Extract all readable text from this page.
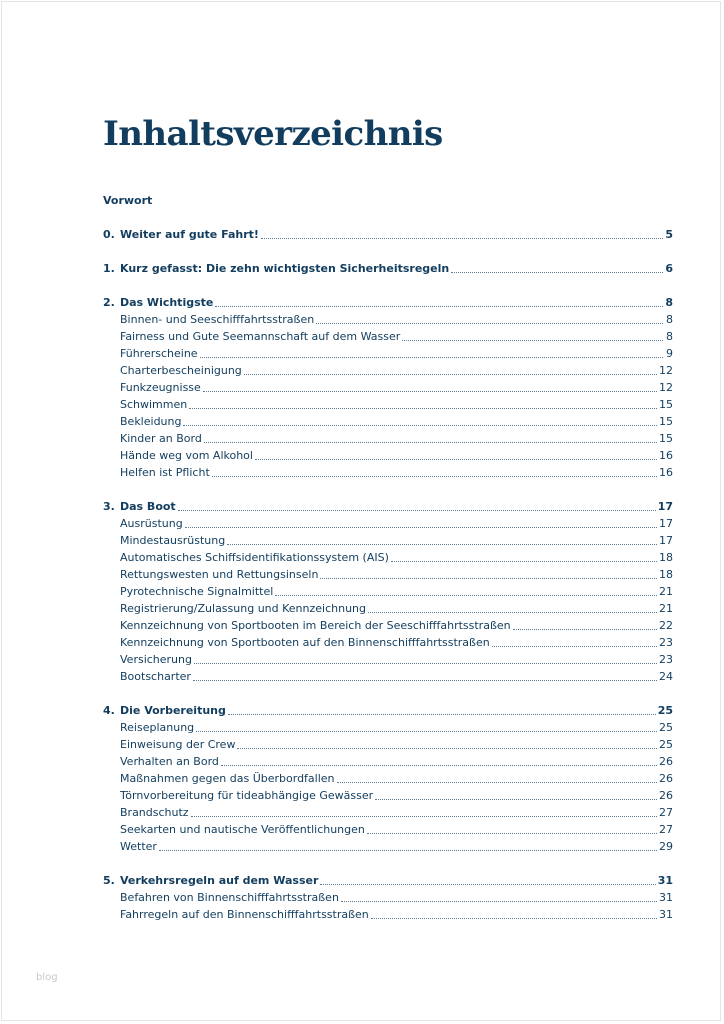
Inhaltsverzeichnis
Vorwort
0. Weiter auf gute Fahrt!	5
1. Kurz gefasst: Die zehn wichtigsten Sicherheitsregeln	6
2. Das Wichtigste	8
Binnen- und Seeschifffahrtsstraßen	8
Fairness und Gute Seemannschaft auf dem Wasser	8
Führerscheine	9
Charterbescheinigung	12
Funkzeugnisse	12
Schwimmen	15
Bekleidung	15
Kinder an Bord	15
Hände weg vom Alkohol	16
Helfen ist Pflicht	16
3. Das Boot	17
Ausrüstung	17
Mindestausrüstung	17
Automatisches Schiffsidentifikationssystem (AIS)	18
Rettungswesten und Rettungsinseln	18
Pyrotechnische Signalmittel	21
Registrierung/Zulassung und Kennzeichnung	21
Kennzeichnung von Sportbooten im Bereich der Seeschifffahrtsstraßen	22
Kennzeichnung von Sportbooten auf den Binnenschifffahrtsstraßen	23
Versicherung	23
Bootscharter	24
4. Die Vorbereitung	25
Reiseplanung	25
Einweisung der Crew	25
Verhalten an Bord	26
Maßnahmen gegen das Überbordfallen	26
Törnvorbereitung für tideabhängige Gewässer	26
Brandschutz	27
Seekarten und nautische Veröffentlichungen	27
Wetter	29
5. Verkehrsregeln auf dem Wasser	31
Befahren von Binnenschifffahrtsstraßen	31
Fahrregeln auf den Binnenschifffahrtsstraßen	31
blog
